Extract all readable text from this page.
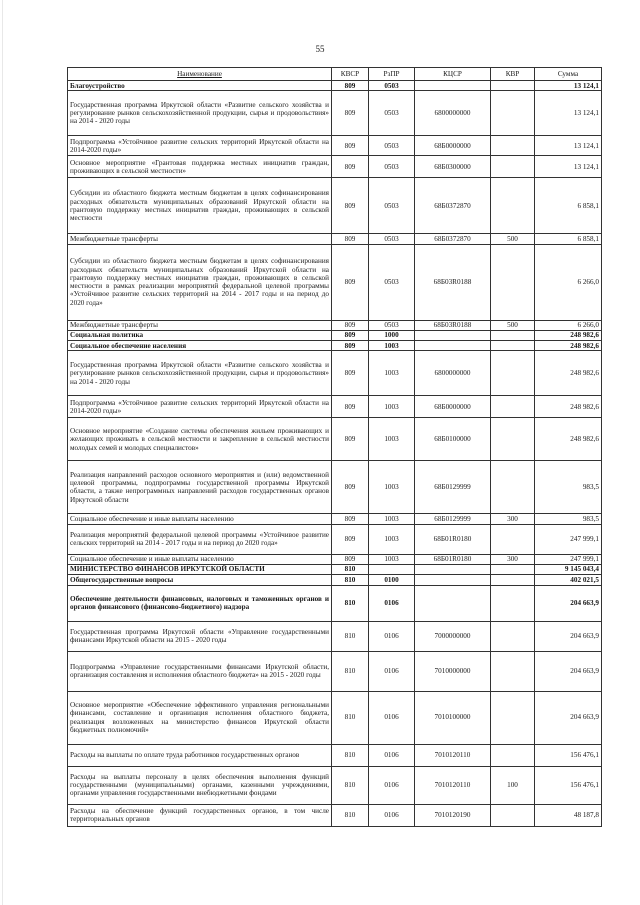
55
Наименование	КВСР	РзПР	КЦСР	КВР	Сумма
Благоустройство	809	0503			13 124,1
Государственная программа Иркутской области «Развитие сельского хозяйства и регулирование рынков сельскохозяйственной продукции, сырья и продовольствия» на 2014 - 2020 годы	809	0503	6800000000		13 124,1
Подпрограмма «Устойчивое развитие сельских территорий Иркутской области на 2014-2020 годы»	809	0503	68Б0000000		13 124,1
Основное мероприятие «Грантовая поддержка местных инициатив граждан, проживающих в сельской местности»	809	0503	68Б0300000		13 124,1
Субсидии из областного бюджета местным бюджетам в целях софинансирования расходных обязательств муниципальных образований Иркутской области на грантовую поддержку местных инициатив граждан, проживающих в сельской местности	809	0503	68Б0372870		6 858,1
Межбюджетные трансферты	809	0503	68Б0372870	500	6 858,1
Субсидии из областного бюджета местным бюджетам в целях софинансирования расходных обязательств муниципальных образований Иркутской области на грантовую поддержку местных инициатив граждан, проживающих в сельской местности в рамках реализации мероприятий федеральной целевой программы «Устойчивое развитие сельских территорий на 2014 - 2017 годы и на период до 2020 года»	809	0503	68Б03R0188		6 266,0
Межбюджетные трансферты	809	0503	68Б03R0188	500	6 266,0
Социальная политика	809	1000			248 982,6
Социальное обеспечение населения	809	1003			248 982,6
Государственная программа Иркутской области «Развитие сельского хозяйства и регулирование рынков сельскохозяйственной продукции, сырья и продовольствия» на 2014 - 2020 годы	809	1003	6800000000		248 982,6
Подпрограмма «Устойчивое развитие сельских территорий Иркутской области на 2014-2020 годы»	809	1003	68Б0000000		248 982,6
Основное мероприятие «Создание системы обеспечения жильем проживающих и желающих проживать в сельской местности и закрепление в сельской местности молодых семей и молодых специалистов»	809	1003	68Б0100000		248 982,6
Реализация направлений расходов основного мероприятия и (или) ведомственной целевой программы, подпрограммы государственной программы Иркутской области, а также непрограммных направлений расходов государственных органов Иркутской области	809	1003	68Б0129999		983,5
Социальное обеспечение и иные выплаты населению	809	1003	68Б0129999	300	983,5
Реализация мероприятий федеральной целевой программы «Устойчивое развитие сельских территорий на 2014 - 2017 годы и на период до 2020 года»	809	1003	68Б01R0180		247 999,1
Социальное обеспечение и иные выплаты населению	809	1003	68Б01R0180	300	247 999,1
МИНИСТЕРСТВО ФИНАНСОВ ИРКУТСКОЙ ОБЛАСТИ	810				9 145 043,4
Общегосударственные вопросы	810	0100			402 021,5
Обеспечение деятельности финансовых, налоговых и таможенных органов и органов финансового (финансово-бюджетного) надзора	810	0106			204 663,9
Государственная программа Иркутской области «Управление государственными финансами Иркутской области на 2015 - 2020 годы	810	0106	7000000000		204 663,9
Подпрограмма «Управление государственными финансами Иркутской области, организация составления и исполнения областного бюджета» на 2015 - 2020 годы	810	0106	7010000000		204 663,9
Основное мероприятие «Обеспечение эффективного управления региональными финансами, составление и организация исполнения областного бюджета, реализация возложенных на министерство финансов Иркутской области бюджетных полномочий»	810	0106	7010100000		204 663,9
Расходы на выплаты по оплате труда работников государственных органов	810	0106	7010120110		156 476,1
Расходы на выплаты персоналу в целях обеспечения выполнения функций государственными (муниципальными) органами, казенными учреждениями, органами управления государственными внебюджетными фондами	810	0106	7010120110	100	156 476,1
Расходы на обеспечение функций государственных органов, в том числе территориальных органов	810	0106	7010120190		48 187,8
